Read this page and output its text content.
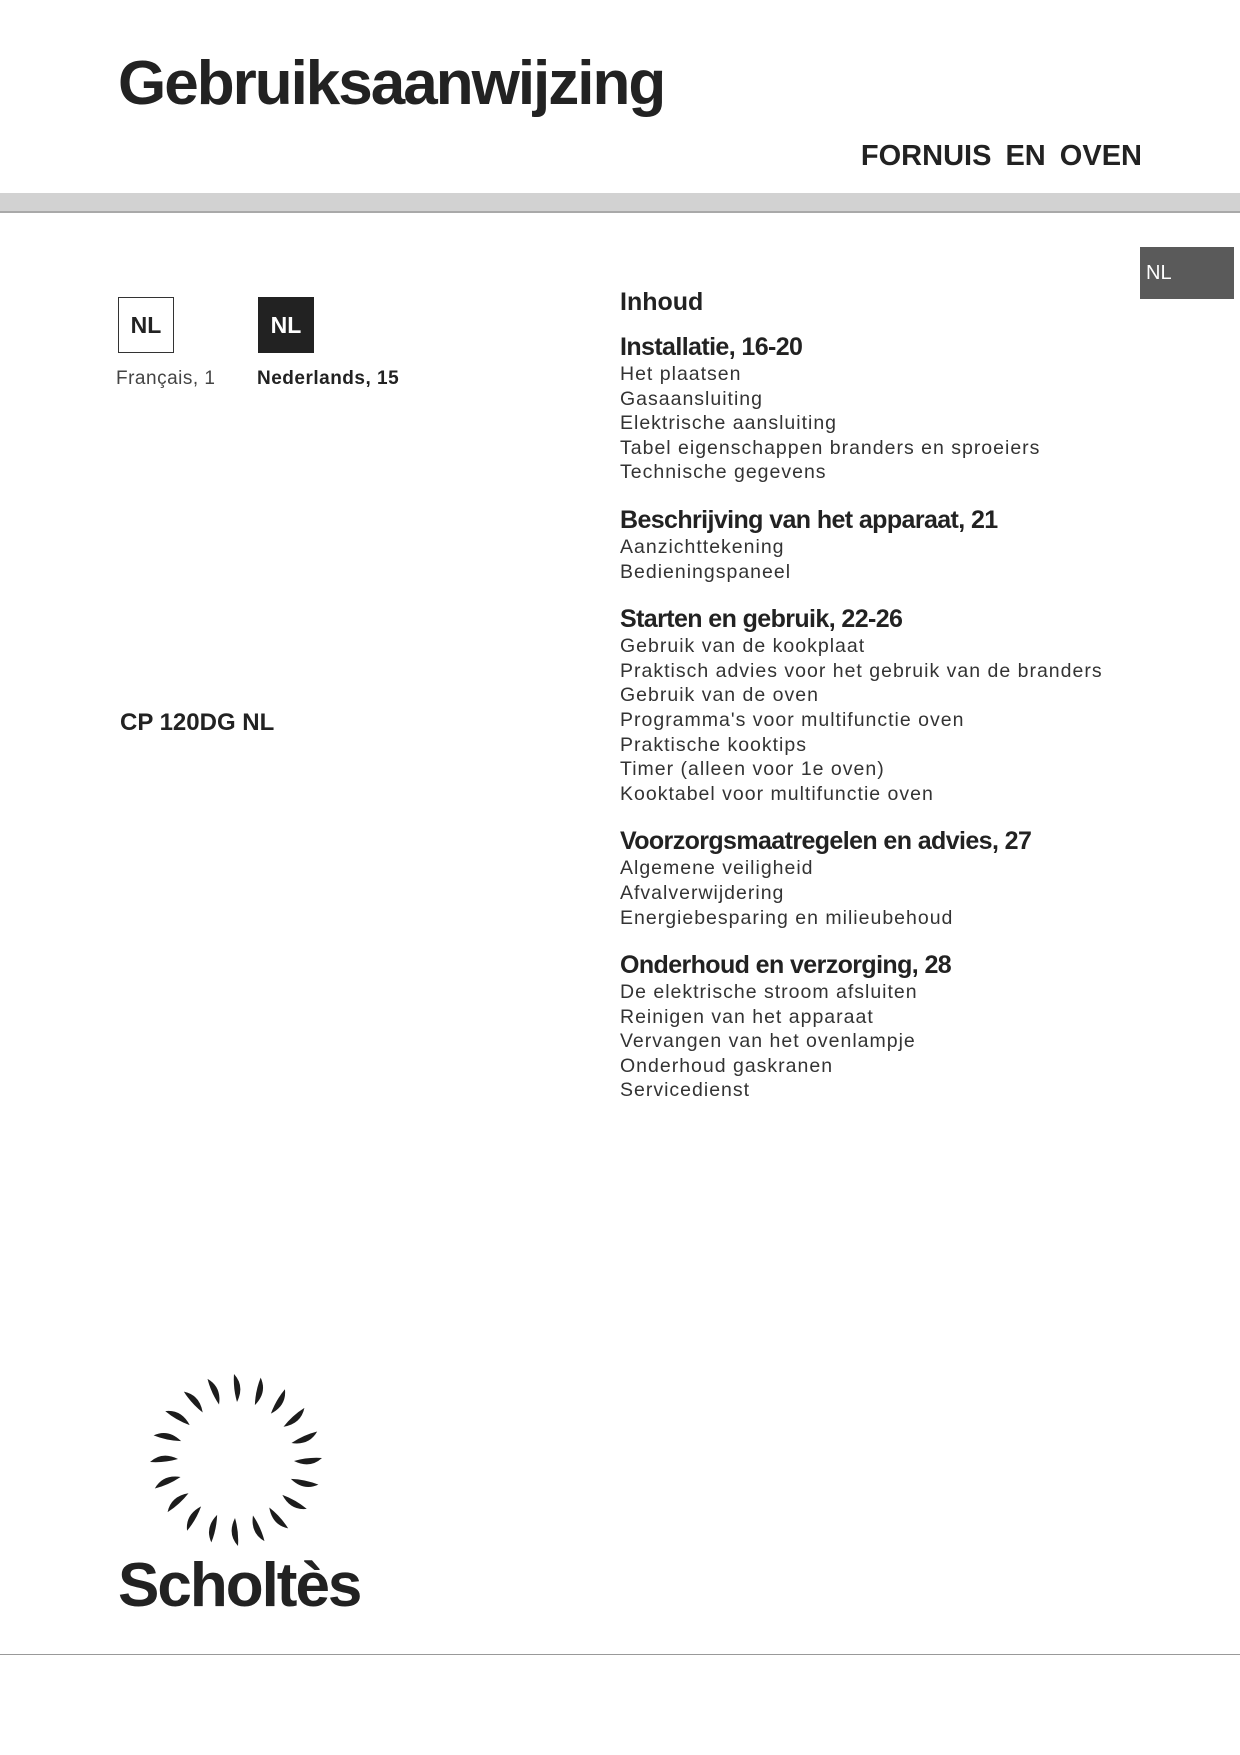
Gebruiksaanwijzing
FORNUIS EN OVEN
NL
NL	NL
Français, 1 Nederlands, 15
CP 120DG NL
Inhoud
Installatie, 16-20
Het plaatsen
Gasaansluiting
Elektrische aansluiting
Tabel eigenschappen branders en sproeiers
Technische gegevens
Beschrijving van het apparaat, 21
Aanzichttekening
Bedieningspaneel
Starten en gebruik, 22-26
Gebruik van de kookplaat
Praktisch advies voor het gebruik van de branders
Gebruik van de oven
Programma's voor multifunctie oven
Praktische kooktips
Timer (alleen voor 1e oven)
Kooktabel voor multifunctie oven
Voorzorgsmaatregelen en advies, 27
Algemene veiligheid
Afvalverwijdering
Energiebesparing en milieubehoud
Onderhoud en verzorging, 28
De elektrische stroom afsluiten
Reinigen van het apparaat
Vervangen van het ovenlampje
Onderhoud gaskranen
Servicedienst
Scholtès
